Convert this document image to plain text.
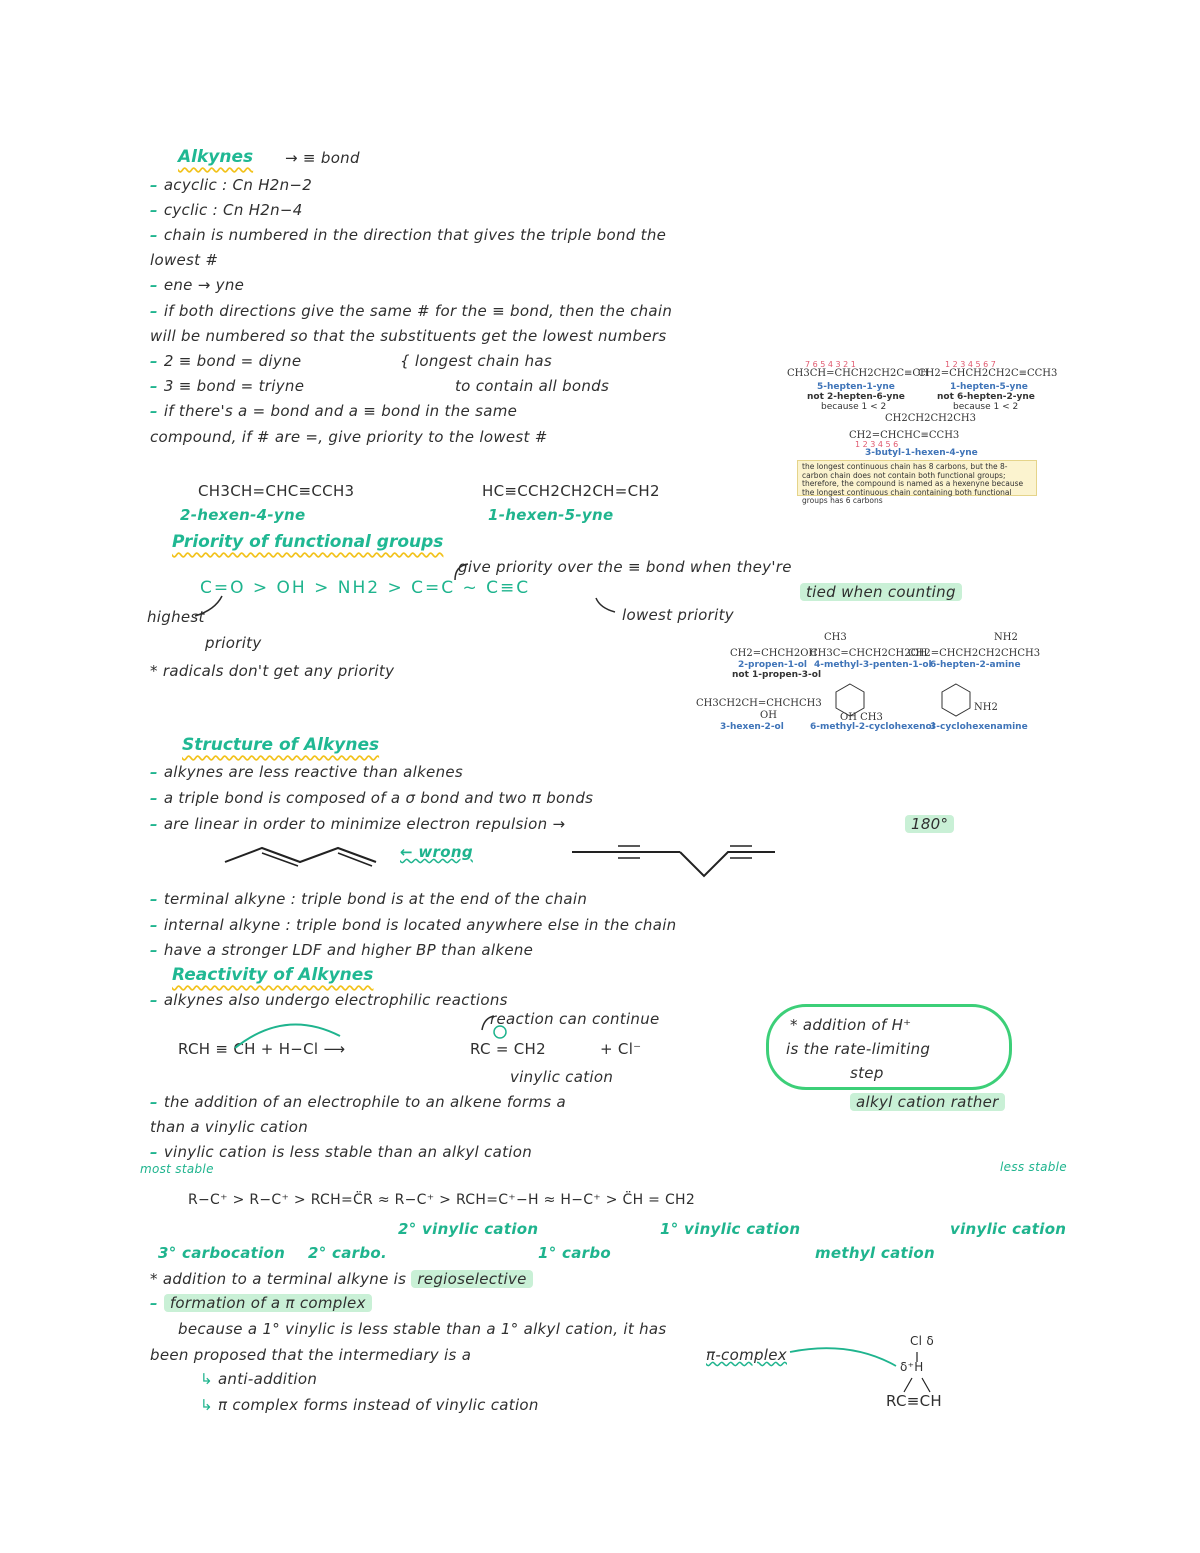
Alkynes → ≡ bond
– acyclic : Cn H2n−2
– cyclic : Cn H2n−4
– chain is numbered in the direction that gives the triple bond the
lowest #
– ene → yne
– if both directions give the same # for the ≡ bond, then the chain
will be numbered so that the substituents get the lowest numbers
– 2 ≡ bond = diyne
– 3 ≡ bond = triyne
{ longest chain has
to contain all bonds
– if there's a = bond and a ≡ bond in the same
compound, if # are =, give priority to the lowest #
7 6 5 4 3 2 1
CH3CH=CHCH2CH2C≡CH
5-hepten-1-yne
not 2-hepten-6-yne
because 1 < 2
1 2 3 4 5 6 7
CH2=CHCH2CH2C≡CCH3
1-hepten-5-yne
not 6-hepten-2-yne
because 1 < 2
CH2CH2CH2CH3
CH2=CHCHC≡CCH3
1 2 3 4 5 6
3-butyl-1-hexen-4-yne
the longest continuous chain has 8 carbons, but the 8-carbon chain does not contain both functional groups; therefore, the compound is named as a hexenyne because the longest continuous chain containing both functional groups has 6 carbons
CH3CH=CHC≡CCH3
2-hexen-4-yne
HC≡CCH2CH2CH=CH2
1-hexen-5-yne
Priority of functional groups
give priority over the ≡ bond when they're
tied when counting
C=O > OH > NH2 > C=C ~ C≡C
highest
priority
lowest priority
* radicals don't get any priority
CH2=CHCH2OH
2-propen-1-ol
not 1-propen-3-ol
CH3
CH3C=CHCH2CH2OH
4-methyl-3-penten-1-ol
NH2
CH2=CHCH2CH2CHCH3
6-hepten-2-amine
CH3CH2CH=CHCHCH3
OH
3-hexen-2-ol
OH CH3
6-methyl-2-cyclohexenol
NH2
3-cyclohexenamine
Structure of Alkynes
– alkynes are less reactive than alkenes
– a triple bond is composed of a σ bond and two π bonds
– are linear in order to minimize electron repulsion →	180°
← wrong
– terminal alkyne : triple bond is at the end of the chain
– internal alkyne : triple bond is located anywhere else in the chain
– have a stronger LDF and higher BP than alkene
Reactivity of Alkynes
– alkynes also undergo electrophilic reactions
reaction can continue
RCH ≡ CH + H−Cl ⟶	RC = CH2	+ Cl⁻
vinylic cation
* addition of H⁺
is the rate-limiting
step
– the addition of an electrophile to an alkene forms a	alkyl cation rather
than a vinylic cation
– vinylic cation is less stable than an alkyl cation
most stable	less stable
R−C⁺ > R−C⁺ > RCH=C̈R ≈ R−C⁺ > RCH=C⁺−H ≈ H−C⁺ > C̈H = CH2
3° carbocation 2° carbo.
2° vinylic cation
1° carbo
1° vinylic cation
methyl cation
vinylic cation
* addition to a terminal alkyne is regioselective
– formation of a π complex
because a 1° vinylic is less stable than a 1° alkyl cation, it has
been proposed that the intermediary is a	π-complex
↳ anti-addition
↳ π complex forms instead of vinylic cation
Cl δ
δ⁺H
RC≡CH
